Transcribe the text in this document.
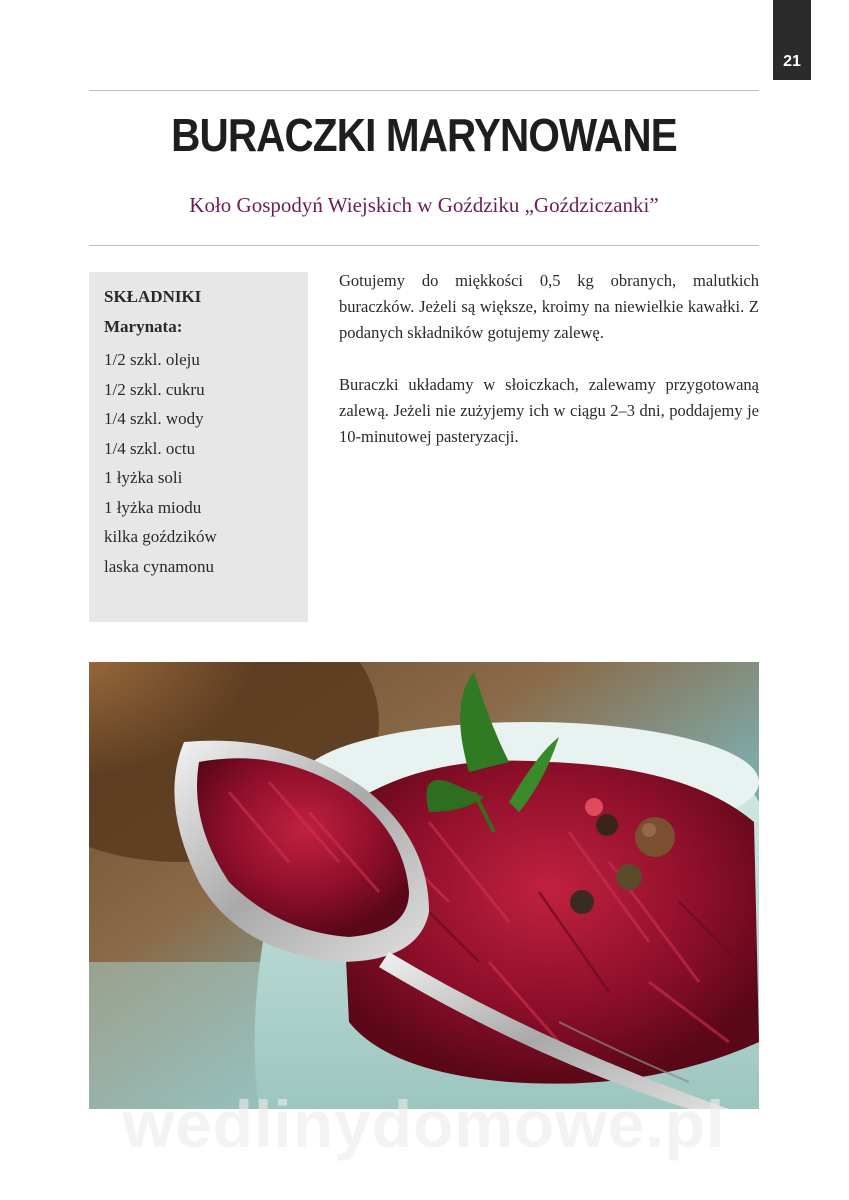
21
BURACZKI MARYNOWANE
Koło Gospodyń Wiejskich w Goździku „Goździczanki”
SKŁADNIKI
Marynata:
1/2 szkl. oleju
1/2 szkl. cukru
1/4 szkl. wody
1/4 szkl. octu
1 łyżka soli
1 łyżka miodu
kilka goździków
laska cynamonu

Gotujemy do miękkości 0,5 kg obranych, malutkich buraczków. Jeżeli są większe, kroimy na niewielkie kawałki. Z podanych składników gotujemy zalewę.

Buraczki układamy w słoiczkach, zalewamy przygotowaną zalewą. Jeżeli nie zużyjemy ich w ciągu 2–3 dni, poddajemy je 10-minutowej pasteryzacji.

wedlinydomowe.pl
